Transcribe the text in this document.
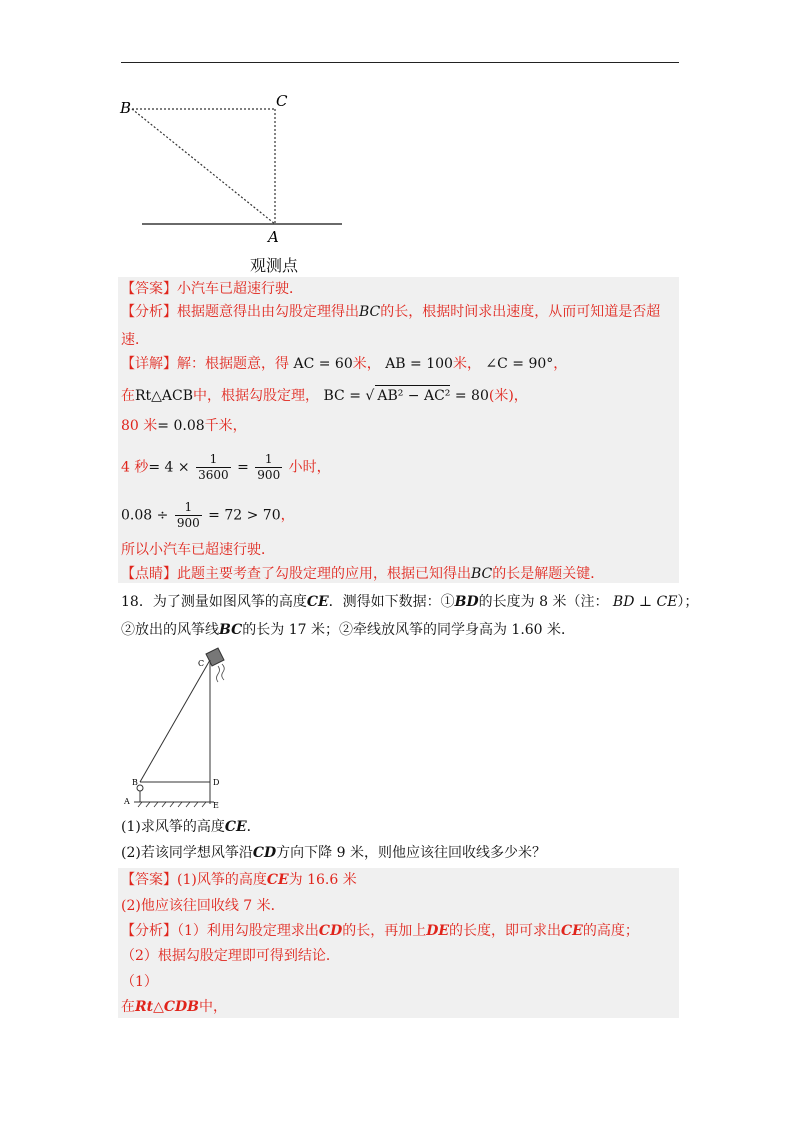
B	C
A
观测点
【答案】小汽车已超速行驶．
【分析】根据题意得出由勾股定理得出BC的长，根据时间求出速度，从而可知道是否超
速．
【详解】解：根据题意，得 AC = 60米， AB = 100米， ∠C = 90°，
在Rt△ACB中，根据勾股定理， BC = √ AB² − AC² = 80(米)，
80 米= 0.08千米，
4 秒= $4 \times \frac{1}{3600} = \frac{1}{900}$ 小时，
$0.08 \div \frac{1}{900} = 72 > 70$，
所以小汽车已超速行驶．
【点睛】此题主要考查了勾股定理的应用，根据已知得出BC的长是解题关键．
18．为了测量如图风筝的高度CE．测得如下数据：①BD的长度为 8 米（注： BD ⊥ CE）；
②放出的风筝线BC的长为 17 米；②牵线放风筝的同学身高为 1.60 米．
C
B	D
A	E
(1)求风筝的高度CE．
(2)若该同学想风筝沿CD方向下降 9 米，则他应该往回收线多少米？
【答案】(1)风筝的高度CE为 16.6 米
(2)他应该往回收线 7 米．
【分析】（1）利用勾股定理求出CD的长，再加上DE的长度，即可求出CE的高度；
（2）根据勾股定理即可得到结论．
（1）
在Rt△CDB中，
